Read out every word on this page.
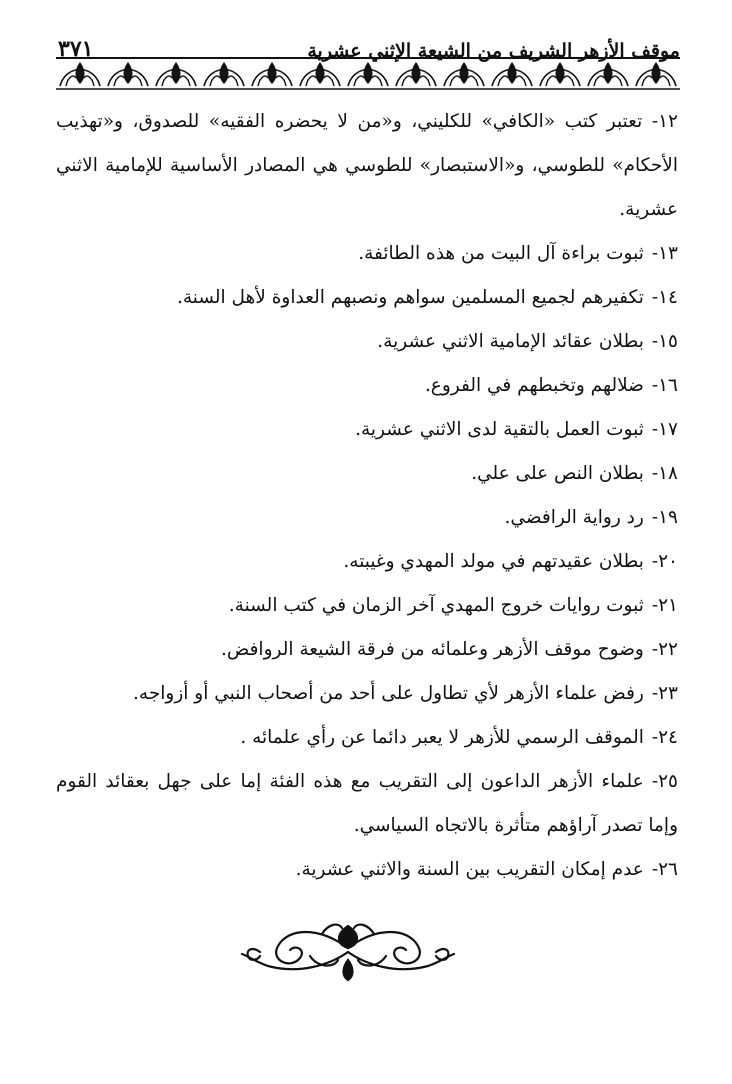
موقف الأزهر الشريف من الشيعة الإثني عشرية
٣٧١
١٢- تعتبر كتب «الكافي» للكليني، و«من لا يحضره الفقيه» للصدوق، و«تهذيب الأحكام» للطوسي، و«الاستبصار» للطوسي هي المصادر الأساسية للإمامية الاثني عشرية.
١٣-
ثبوت براءة آل البيت من هذه الطائفة.
١٤-
تكفيرهم لجميع المسلمين سواهم ونصبهم العداوة لأهل السنة.
١٥-
بطلان عقائد الإمامية الاثني عشرية.
١٦-
ضلالهم وتخبطهم في الفروع.
١٧-
ثبوت العمل بالتقية لدى الاثني عشرية.
١٨-
بطلان النص على علي.
١٩-
رد رواية الرافضي.
٢٠-
بطلان عقيدتهم في مولد المهدي وغيبته.
٢١-
ثبوت روايات خروج المهدي آخر الزمان في كتب السنة.
٢٢-
وضوح موقف الأزهر وعلمائه من فرقة الشيعة الروافض.
٢٣-
رفض علماء الأزهر لأي تطاول على أحد من أصحاب النبي أو أزواجه.
٢٤-
الموقف الرسمي للأزهر لا يعبر دائما عن رأي علمائه .
٢٥- علماء الأزهر الداعون إلى التقريب مع هذه الفئة إما على جهل بعقائد القوم وإما تصدر آراؤهم متأثرة بالاتجاه السياسي.
٢٦-
عدم إمكان التقريب بين السنة والاثني عشرية.
